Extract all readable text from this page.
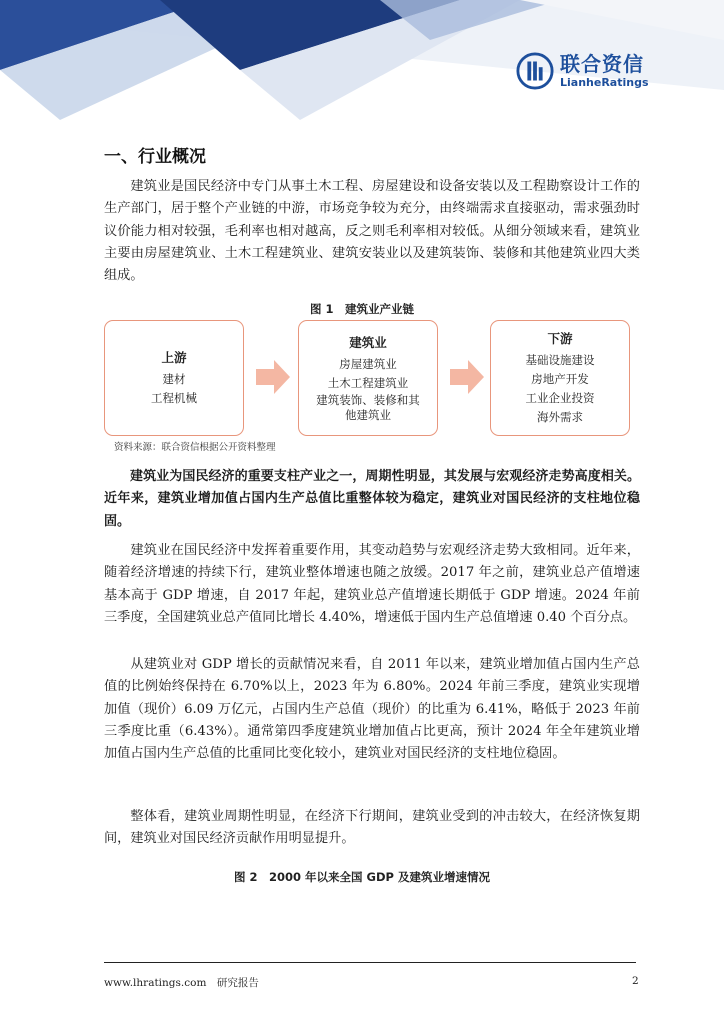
联合资信
LianheRatings
一、行业概况

建筑业是国民经济中专门从事土木工程、房屋建设和设备安装以及工程勘察设计工作的生产部门，居于整个产业链的中游，市场竞争较为充分，由终端需求直接驱动，需求强劲时议价能力相对较强，毛利率也相对越高，反之则毛利率相对较低。从细分领域来看，建筑业主要由房屋建筑业、土木工程建筑业、建筑安装业以及建筑装饰、装修和其他建筑业四大类组成。

图 1　建筑业产业链
上游
建材
工程机械
建筑业
房屋建筑业
土木工程建筑业
建筑装饰、装修和其
他建筑业
下游
基础设施建设
房地产开发
工业企业投资
海外需求
资料来源：联合资信根据公开资料整理

建筑业为国民经济的重要支柱产业之一，周期性明显，其发展与宏观经济走势高度相关。近年来，建筑业增加值占国内生产总值比重整体较为稳定，建筑业对国民经济的支柱地位稳固。

建筑业在国民经济中发挥着重要作用，其变动趋势与宏观经济走势大致相同。近年来，随着经济增速的持续下行，建筑业整体增速也随之放缓。2017 年之前，建筑业总产值增速基本高于 GDP 增速，自 2017 年起，建筑业总产值增速长期低于 GDP 增速。2024 年前三季度，全国建筑业总产值同比增长 4.40%，增速低于国内生产总值增速 0.40 个百分点。

从建筑业对 GDP 增长的贡献情况来看，自 2011 年以来，建筑业增加值占国内生产总值的比例始终保持在 6.70%以上，2023 年为 6.80%。2024 年前三季度，建筑业实现增加值（现价）6.09 万亿元，占国内生产总值（现价）的比重为 6.41%，略低于 2023 年前三季度比重（6.43%）。通常第四季度建筑业增加值占比更高，预计 2024 年全年建筑业增加值占国内生产总值的比重同比变化较小，建筑业对国民经济的支柱地位稳固。

整体看，建筑业周期性明显，在经济下行期间，建筑业受到的冲击较大，在经济恢复期间，建筑业对国民经济贡献作用明显提升。

图 2　2000 年以来全国 GDP 及建筑业增速情况
www.lhratings.com　研究报告	2
